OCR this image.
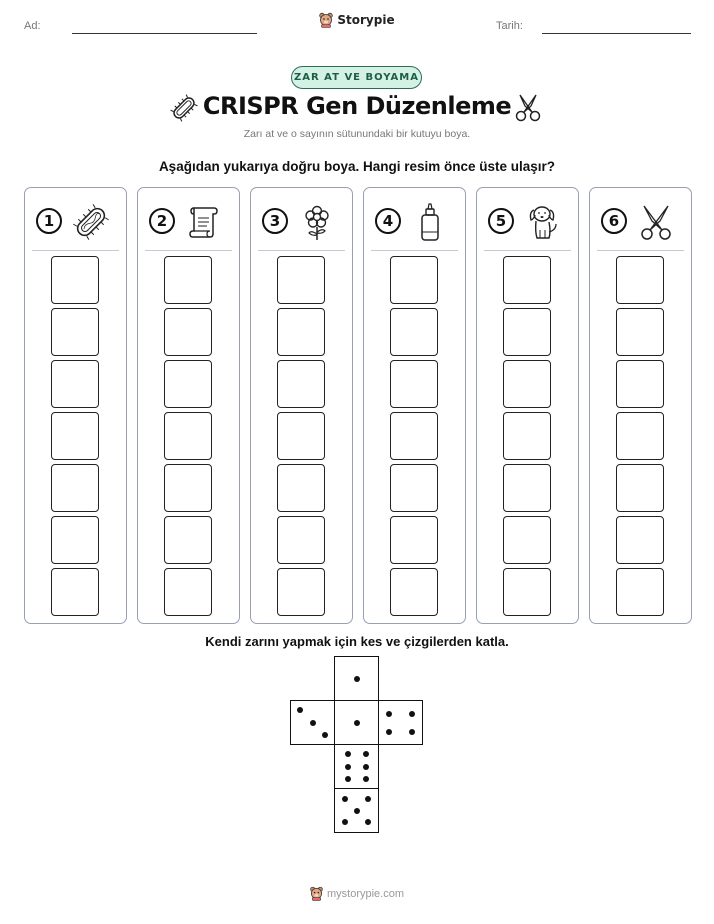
Ad:	Storypie	Tarih:
ZAR AT VE BOYAMA
CRISPR Gen Düzenleme
Zarı at ve o sayının sütunundaki bir kutuyu boya.
Aşağıdan yukarıya doğru boya. Hangi resim önce üste ulaşır?
1	2	3	4	5	6
Kendi zarını yapmak için kes ve çizgilerden katla.
mystorypie.com
